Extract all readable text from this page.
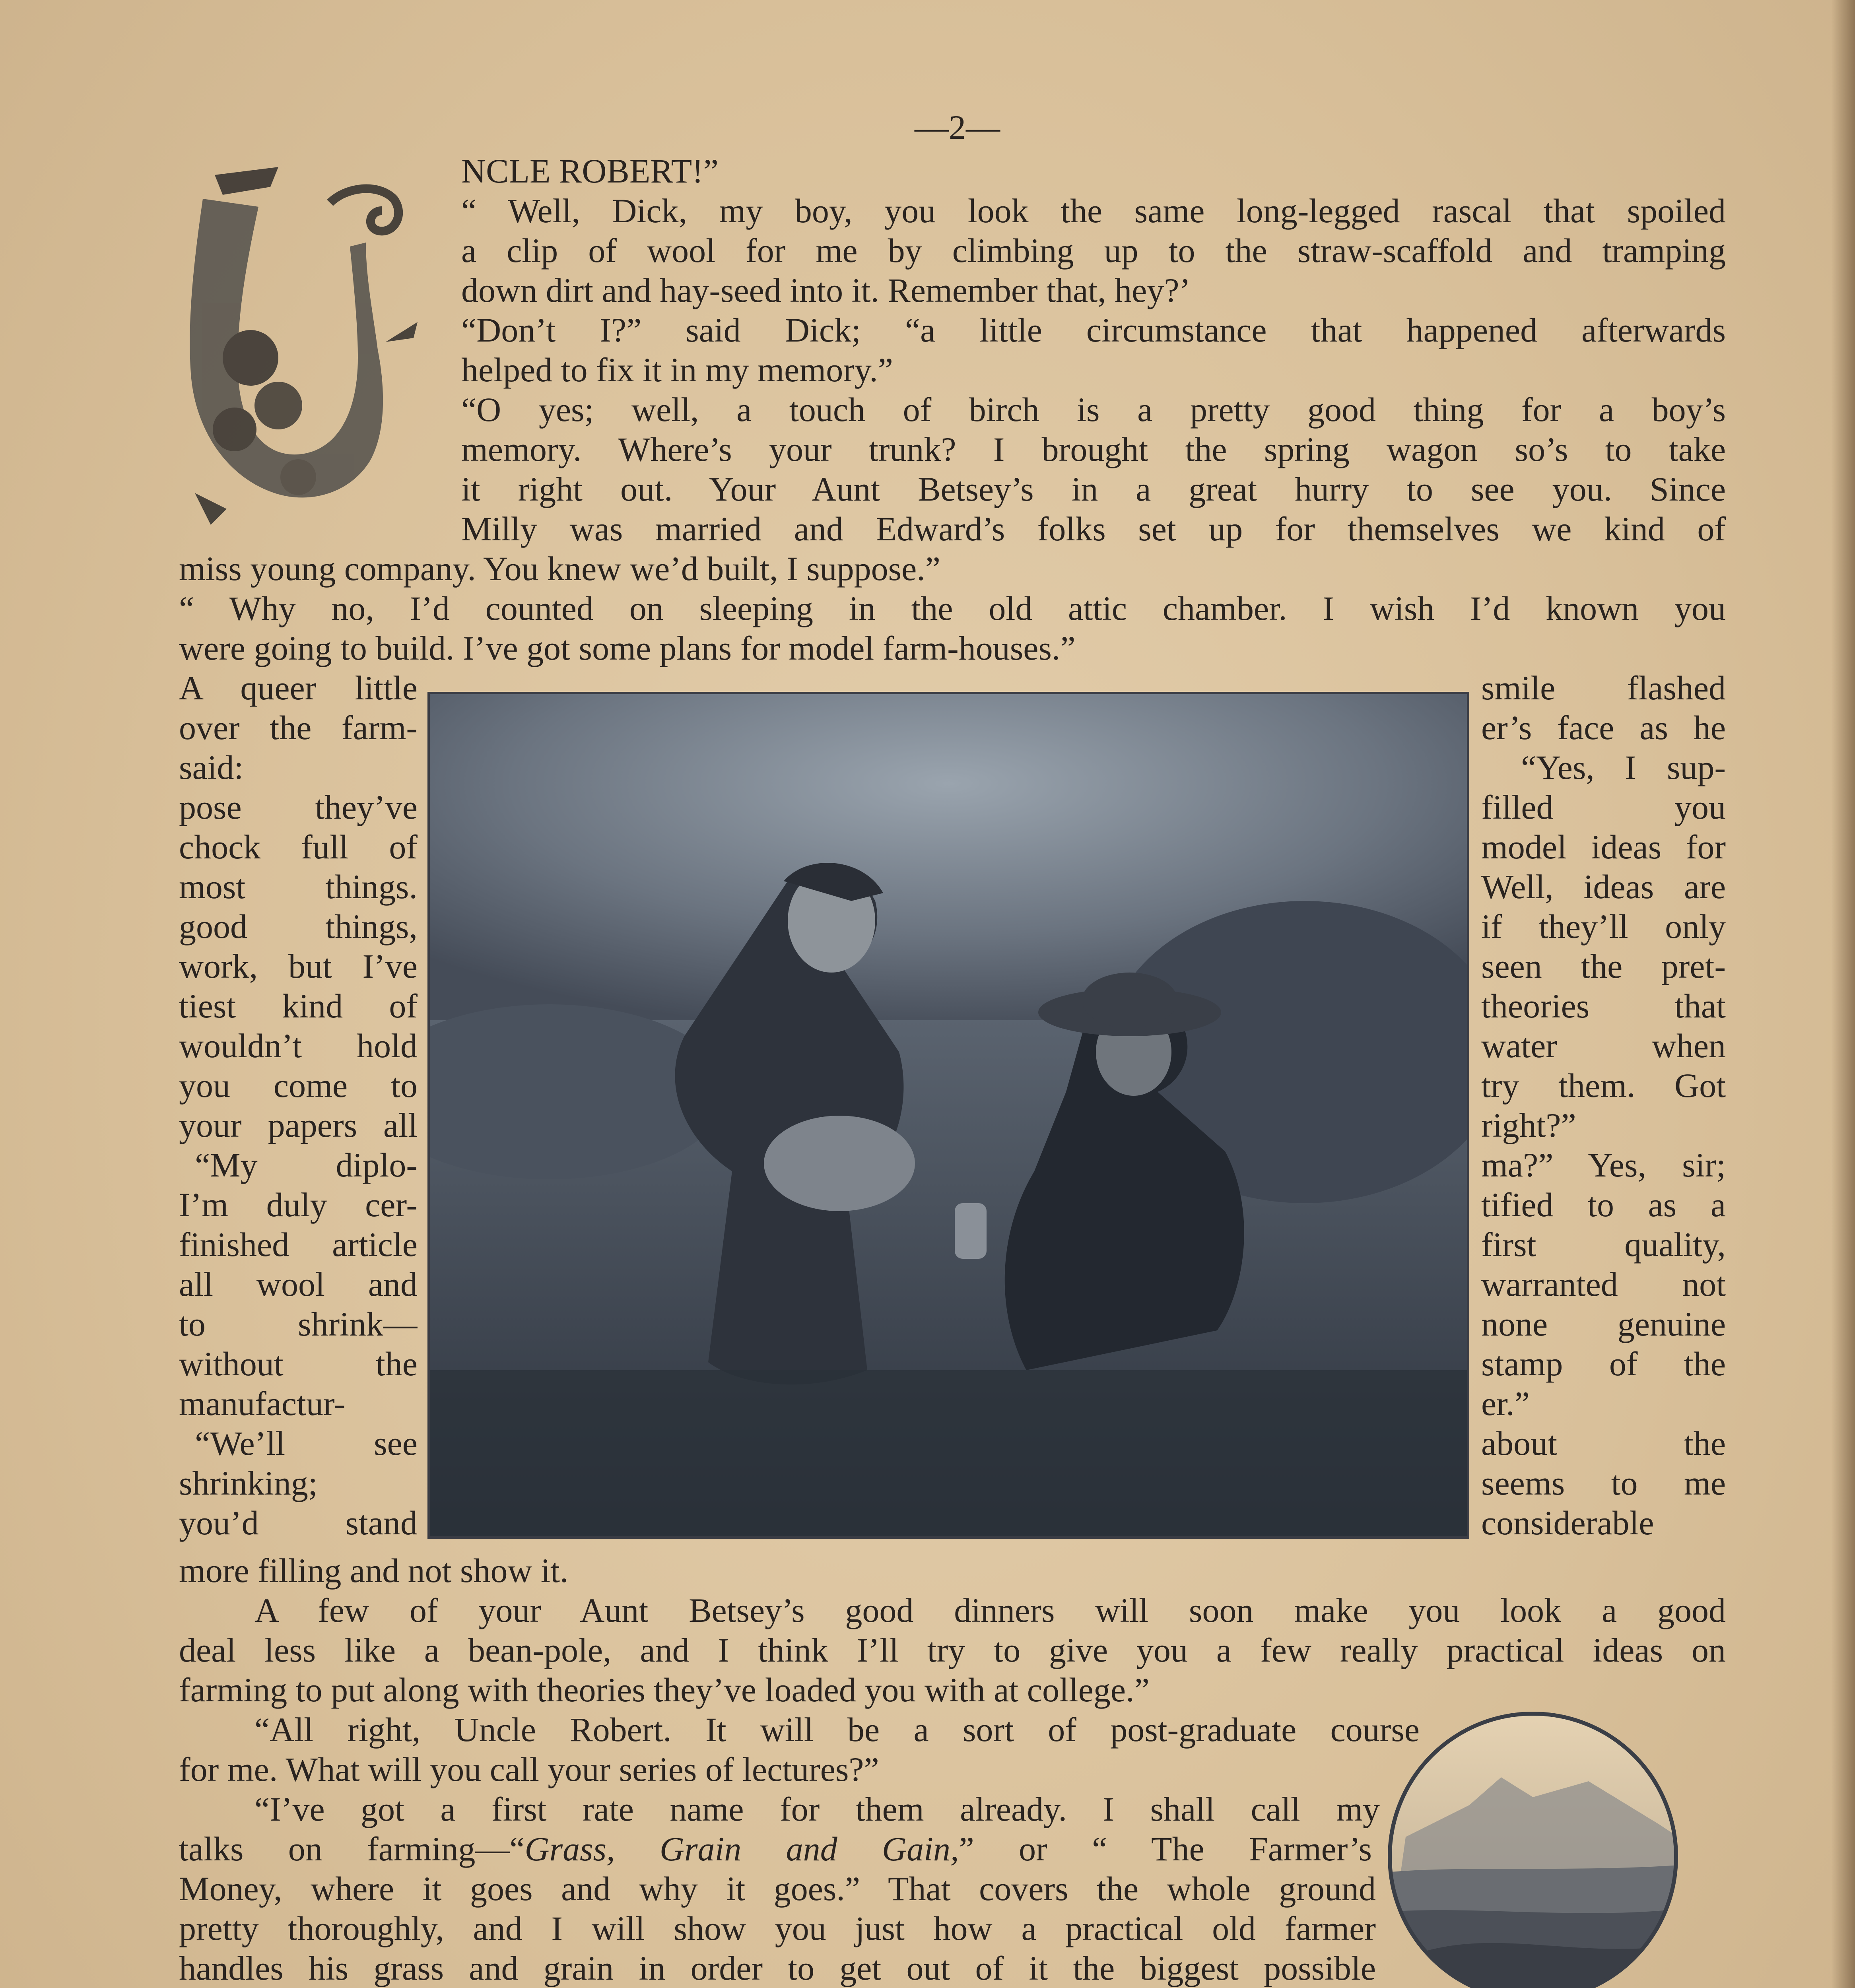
—2—
NCLE ROBERT!”
“ Well, Dick, my boy, you look the same long-legged rascal that spoiled
a clip of wool for me by climbing up to the straw-scaffold and tramping
down dirt and hay-seed into it. Remember that, hey?’
“Don’t I?” said Dick; “a little circumstance that happened afterwards
helped to fix it in my memory.”
“O yes; well, a touch of birch is a pretty good thing for a boy’s
memory. Where’s your trunk? I brought the spring wagon so’s to take
it right out. Your Aunt Betsey’s in a great hurry to see you. Since
Milly was married and Edward’s folks set up for themselves we kind of
miss young company. You knew we’d built, I suppose.”
“ Why no, I’d counted on sleeping in the old attic chamber. I wish I’d known you
were going to build. I’ve got some plans for model farm-houses.”
A queer little
over the farm-
said:
pose they’ve
chock full of
most things.
good things,
work, but I’ve
tiest kind of
wouldn’t hold
you come to
your papers all
“My diplo-
I’m duly cer-
finished article
all wool and
to shrink—
without the
manufactur-
“We’ll see
shrinking;
you’d stand
smile flashed
er’s face as he
“Yes, I sup-
filled you
model ideas for
Well, ideas are
if they’ll only
seen the pret-
theories that
water when
try them. Got
right?”
ma?” Yes, sir;
tified to as a
first quality,
warranted not
none genuine
stamp of the
er.”
about the
seems to me
considerable
more filling and not show it.
A few of your Aunt Betsey’s good dinners will soon make you look a good
deal less like a bean-pole, and I think I’ll try to give you a few really practical ideas on
farming to put along with theories they’ve loaded you with at college.”
“All right, Uncle Robert. It will be a sort of post-graduate course
for me. What will you call your series of lectures?”
“I’ve got a first rate name for them already. I shall call my
talks on farming—“Grass, Grain and Gain,” or “ The Farmer’s
Money, where it goes and why it goes.” That covers the whole ground
pretty thoroughly, and I will show you just how a practical old farmer
handles his grass and grain in order to get out of it the biggest possible
